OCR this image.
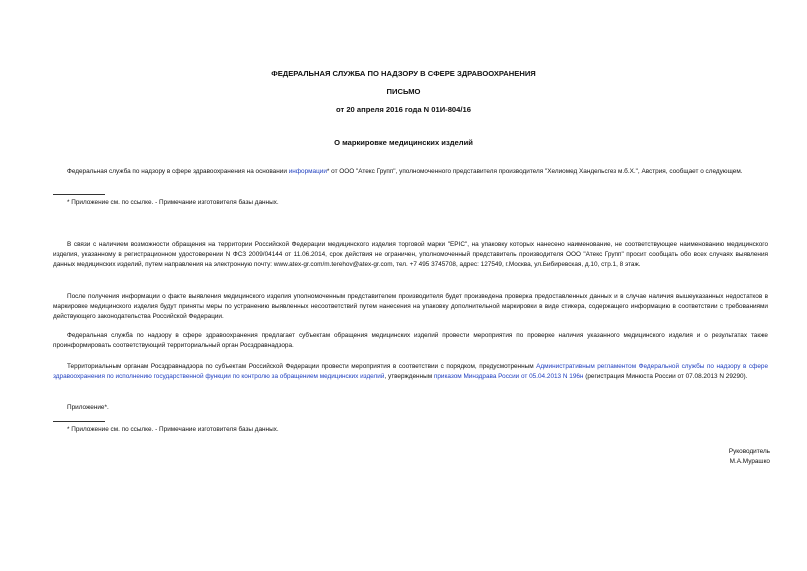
ФЕДЕРАЛЬНАЯ СЛУЖБА ПО НАДЗОРУ В СФЕРЕ ЗДРАВООХРАНЕНИЯ
ПИСЬМО
от 20 апреля 2016 года N 01И-804/16
О маркировке медицинских изделий
Федеральная служба по надзору в сфере здравоохранения на основании информации* от ООО "Атекс Групп", уполномоченного представителя производителя "Хелиомед Хандельсгез м.б.Х.", Австрия, сообщает о следующем.
* Приложение см. по ссылке. - Примечание изготовителя базы данных.
В связи с наличием возможности обращения на территории Российской Федерации медицинского изделия торговой марки "EPIC", на упаковку которых нанесено наименование, не соответствующее наименованию медицинского изделия, указанному в регистрационном удостоверении N ФСЗ 2009/04144 от 11.06.2014, срок действия не ограничен, уполномоченный представитель производителя ООО "Атекс Групп" просит сообщать обо всех случаях выявления данных медицинских изделий, путем направления на электронную почту: www.atex-gr.com/m.terehov@atex-gr.com, тел. +7 495 3745708, адрес: 127549, г.Москва, ул.Бибиревская, д.10, стр.1, 8 этаж.
После получения информации о факте выявления медицинского изделия уполномоченным представителем производителя будет произведена проверка предоставленных данных и в случае наличия вышеуказанных недостатков в маркировке медицинского изделия будут приняты меры по устранению выявленных несоответствий путем нанесения на упаковку дополнительной маркировки в виде стикера, содержащего информацию в соответствии с требованиями действующего законодательства Российской Федерации.
Федеральная служба по надзору в сфере здравоохранения предлагает субъектам обращения медицинских изделий провести мероприятия по проверке наличия указанного медицинского изделия и о результатах также проинформировать соответствующий территориальный орган Росздравнадзора.
Территориальным органам Росздравнадзора по субъектам Российской Федерации провести мероприятия в соответствии с порядком, предусмотренным Административным регламентом Федеральной службы по надзору в сфере здравоохранения по исполнению государственной функции по контролю за обращением медицинских изделий, утвержденным приказом Минздрава России от 05.04.2013 N 196н (регистрация Минюста России от 07.08.2013 N 29290).
Приложение*.
* Приложение см. по ссылке. - Примечание изготовителя базы данных.
Руководитель
М.А.Мурашко
